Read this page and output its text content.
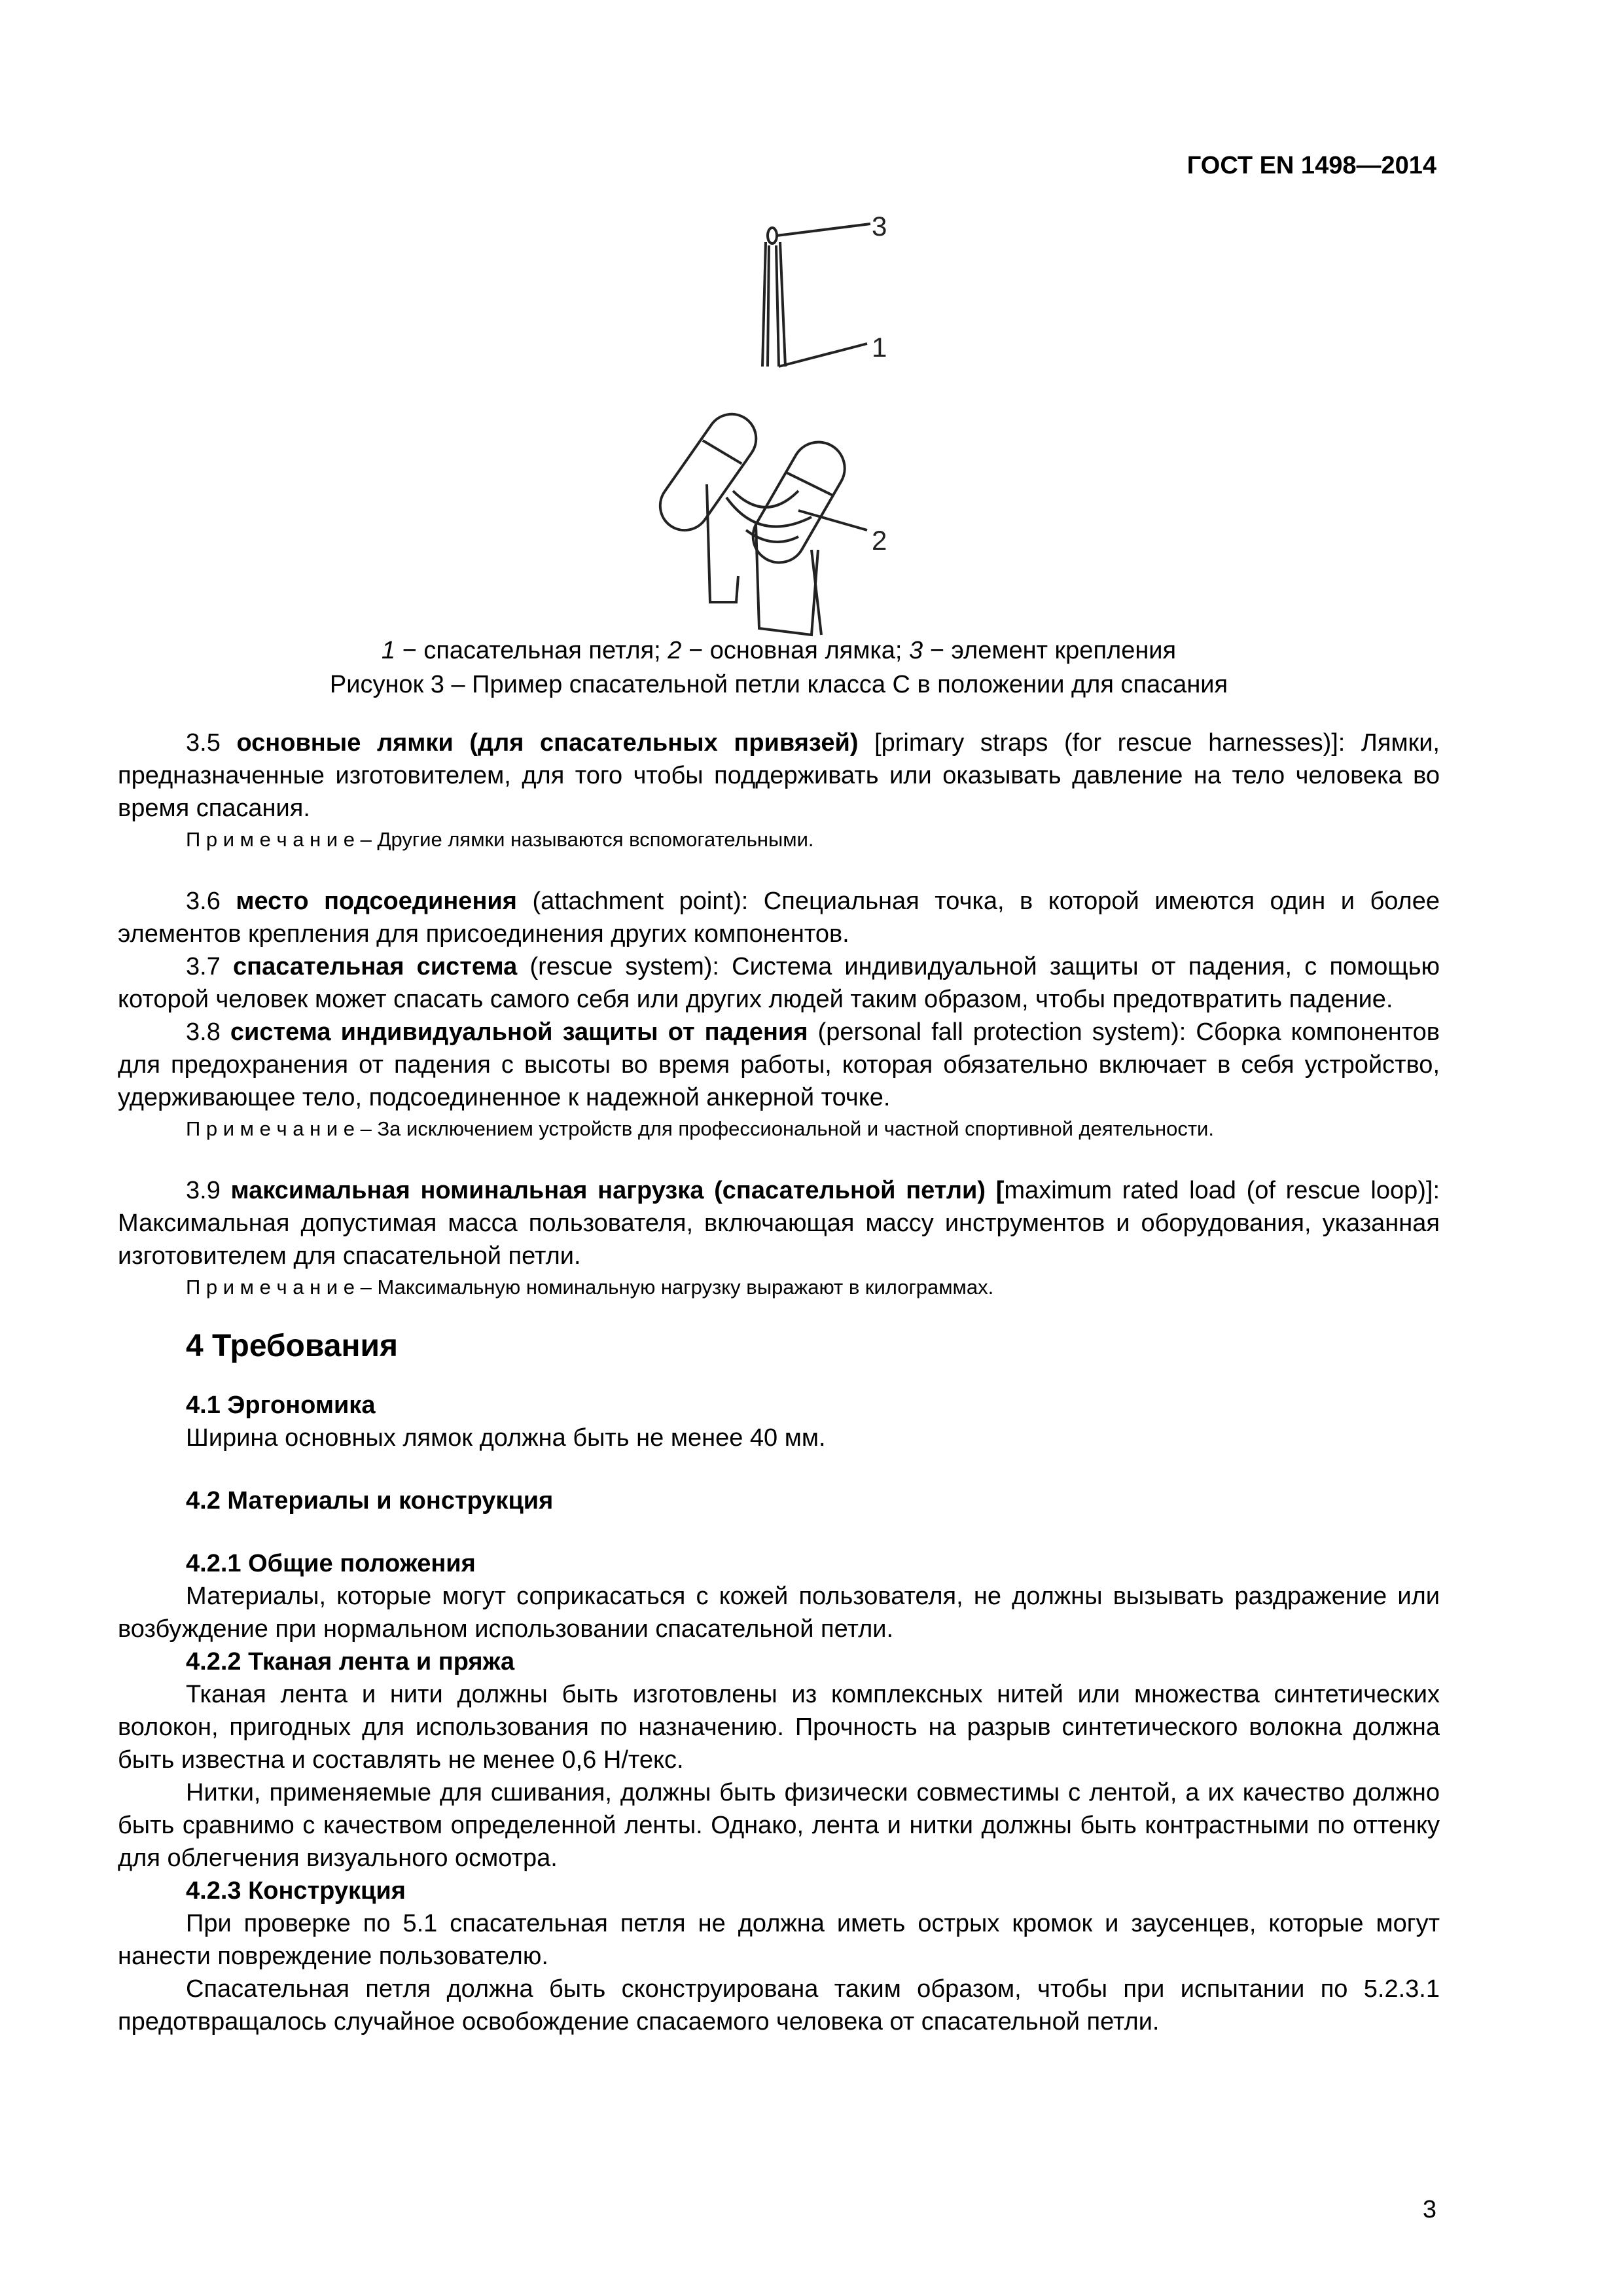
ГОСТ EN 1498—2014
3
1
2
1 − спасательная петля; 2 − основная лямка; 3 − элемент крепления
Рисунок 3 – Пример спасательной петли класса С в положении для спасания

3.5 основные лямки (для спасательных привязей) [primary straps (for rescue harnesses)]: Лямки, предназначенные изготовителем, для того чтобы поддерживать или оказывать давление на тело человека во время спасания.

П р и м е ч а н и е – Другие лямки называются вспомогательными.

3.6 место подсоединения (attachment point): Специальная точка, в которой имеются один и более элементов крепления для присоединения других компонентов.

3.7 спасательная система (rescue system): Система индивидуальной защиты от падения, с помощью которой человек может спасать самого себя или других людей таким образом, чтобы предотвратить падение.

3.8 система индивидуальной защиты от падения (personal fall protection system): Сборка компонентов для предохранения от падения с высоты во время работы, которая обязательно включает в себя устройство, удерживающее тело, подсоединенное к надежной анкерной точке.

П р и м е ч а н и е – За исключением устройств для профессиональной и частной спортивной деятельности.

3.9 максимальная номинальная нагрузка (спасательной петли) [maximum rated load (of rescue loop)]: Максимальная допустимая масса пользователя, включающая массу инструментов и оборудования, указанная изготовителем для спасательной петли.

П р и м е ч а н и е – Максимальную номинальную нагрузку выражают в килограммах.

4 Требования
4.1 Эргономика
Ширина основных лямок должна быть не менее 40 мм.
4.2 Материалы и конструкция
4.2.1 Общие положения

Материалы, которые могут соприкасаться с кожей пользователя, не должны вызывать раздражение или возбуждение при нормальном использовании спасательной петли.

4.2.2 Тканая лента и пряжа

Тканая лента и нити должны быть изготовлены из комплексных нитей или множества синтетических волокон, пригодных для использования по назначению. Прочность на разрыв синтетического волокна должна быть известна и составлять не менее 0,6 Н/текс.

Нитки, применяемые для сшивания, должны быть физически совместимы с лентой, а их качество должно быть сравнимо с качеством определенной ленты. Однако, лента и нитки должны быть контрастными по оттенку для облегчения визуального осмотра.

4.2.3 Конструкция

При проверке по 5.1 спасательная петля не должна иметь острых кромок и заусенцев, которые могут нанести повреждение пользователю.

Спасательная петля должна быть сконструирована таким образом, чтобы при испытании по 5.2.3.1 предотвращалось случайное освобождение спасаемого человека от спасательной петли.

3
